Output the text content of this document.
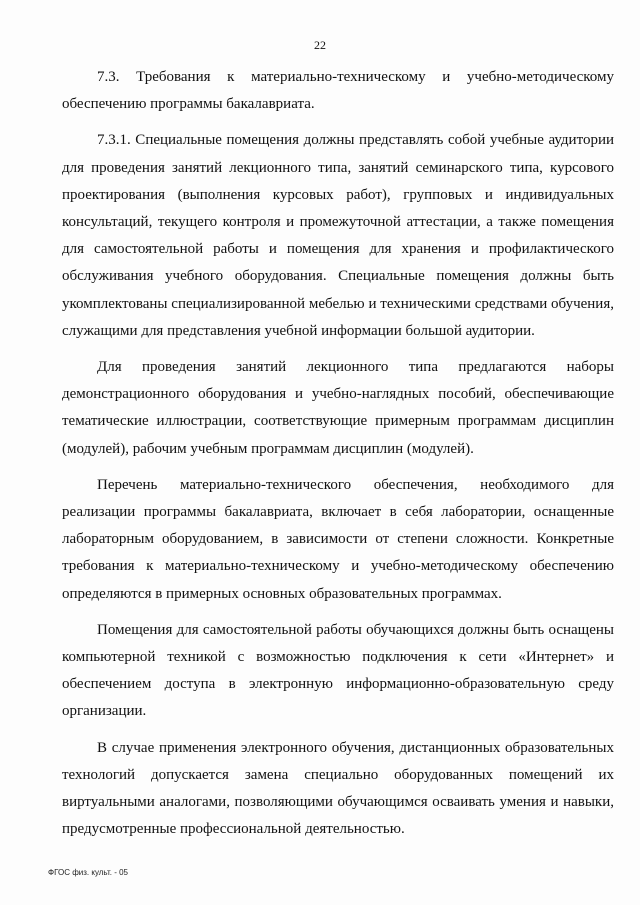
22

7.3. Требования к материально-техническому и учебно-методическому обеспечению программы бакалавриата.

7.3.1. Специальные помещения должны представлять собой учебные аудитории для проведения занятий лекционного типа, занятий семинарского типа, курсового проектирования (выполнения курсовых работ), групповых и индивидуальных консультаций, текущего контроля и промежуточной аттестации, а также помещения для самостоятельной работы и помещения для хранения и профилактического обслуживания учебного оборудования. Специальные помещения должны быть укомплектованы специализированной мебелью и техническими средствами обучения, служащими для представления учебной информации большой аудитории.

Для проведения занятий лекционного типа предлагаются наборы демонстрационного оборудования и учебно-наглядных пособий, обеспечивающие тематические иллюстрации, соответствующие примерным программам дисциплин (модулей), рабочим учебным программам дисциплин (модулей).

Перечень материально-технического обеспечения, необходимого для реализации программы бакалавриата, включает в себя лаборатории, оснащенные лабораторным оборудованием, в зависимости от степени сложности. Конкретные требования к материально-техническому и учебно-методическому обеспечению определяются в примерных основных образовательных программах.

Помещения для самостоятельной работы обучающихся должны быть оснащены компьютерной техникой с возможностью подключения к сети «Интернет» и обеспечением доступа в электронную информационно-образовательную среду организации.

В случае применения электронного обучения, дистанционных образовательных технологий допускается замена специально оборудованных помещений их виртуальными аналогами, позволяющими обучающимся осваивать умения и навыки, предусмотренные профессиональной деятельностью.

ФГОС физ. культ. - 05
